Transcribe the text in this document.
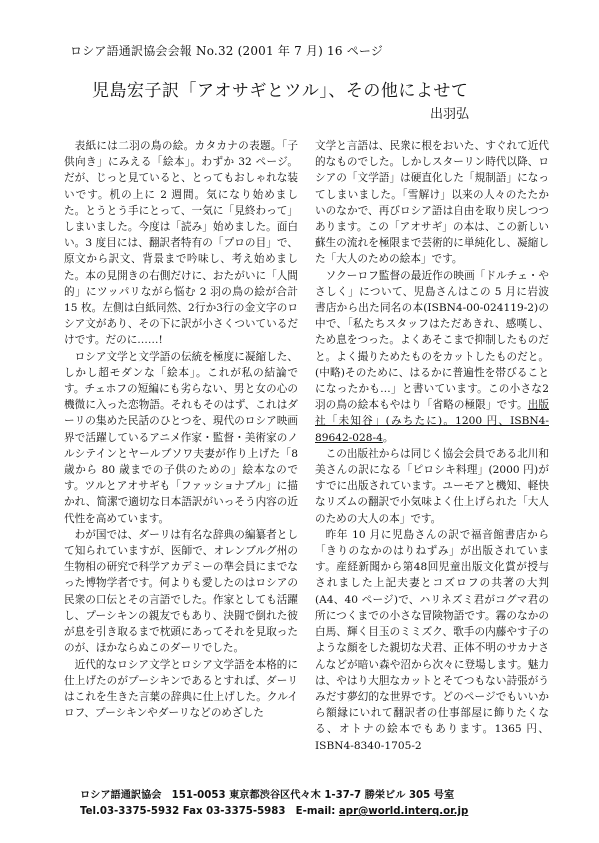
ロシア語通訳協会会報 No.32 (2001 年 7 月) 16 ページ
児島宏子訳「アオサギとツル」、その他によせて
出羽弘

表紙には二羽の鳥の絵。カタカナの表題。「子供向き」にみえる「絵本」。わずか 32 ページ。だが、じっと見ていると、とってもおしゃれな装いです。机の上に 2 週間。気になり始めました。とうとう手にとって、一気に「見終わって」しまいました。今度は「読み」始めました。面白い。3 度目には、翻訳者特有の「プロの目」で、原文から訳文、背景まで吟味し、考え始めました。本の見開きの右側だけに、おたがいに「人間的」にツッパリながら悩む 2 羽の鳥の絵が合計 15 枚。左側は白紙同然、2行か3行の金文字のロシア文があり、その下に訳が小さくついているだけです。だのに……!

ロシア文学と文学語の伝統を極度に凝縮した、しかし超モダンな「絵本」。これが私の結論です。チェホフの短編にも劣らない、男と女の心の機微に入った恋物語。それもそのはず、これはダーリの集めた民話のひとつを、現代のロシア映画界で活躍しているアニメ作家・監督・美術家のノルシテインとヤールブソワ夫妻が作り上げた「8 歳から 80 歳までの子供のための」絵本なのです。ツルとアオサギも「ファッショナブル」に描かれ、简潔で適切な日本語訳がいっそう内容の近代性を高めています。

わが国では、ダーリは有名な辞典の編纂者として知られていますが、医師で、オレンブルグ州の生物相の研究で科学アカデミーの準会員にまでなった博物学者です。何よりも愛したのはロシアの民衆の口伝とその言語でした。作家としても活躍し、プーシキンの親友でもあり、決闘で倒れた彼が息を引き取るまで枕頭にあってそれを見取ったのが、ほかならぬこのダーリでした。

近代的なロシア文学とロシア文学語を本格的に仕上げたのがプーシキンであるとすれば、ダーリはこれを生きた言葉の辞典に仕上げした。クルイロフ、プーシキンやダーリなどのめざした

文学と言語は、民衆に根をおいた、すぐれて近代的なものでした。しかしスターリン時代以降、ロシアの「文学語」は硬直化した「規制語」になってしまいました。「雪解け」以来の人々のたたかいのなかで、再びロシア語は自由を取り戻しつつあります。この「アオサギ」の本は、この新しい蘇生の流れを極限まで芸術的に単純化し、凝縮した「大人のための絵本」です。

ソクーロフ監督の最近作の映画「ドルチェ・やさしく」について、児島さんはこの 5 月に岩波書店から出た同名の本(ISBN4-00-024119-2)の中で、「私たちスタッフはただあきれ、感嘆し、ため息をつった。よくあそこまで抑制したものだと。よく撮りためたものをカットしたものだと。(中略)そのために、はるかに普遍性を帯びることになったかも…」と書いています。この小さな2羽の鳥の絵本もやはり「省略の極限」です。出版社「未知谷」(みちたに)。1200 円、ISBN4-89642-028-4。

この出版社からは同じく協会会員である北川和美さんの訳になる「ピロシキ料理」(2000 円)がすでに出版されています。ユーモアと機知、軽快なリズムの翻訳で小気味よく仕上げられた「大人のための大人の本」です。

昨年 10 月に児島さんの訳で福音館書店から「きりのなかのはりねずみ」が出版されています。産経新聞から第48回児童出版文化賞が授与されました上記夫妻とコズロフの共著の大判(A4、40 ページ)で、ハリネズミ君がコグマ君の所につくまでの小さな冒険物語です。霧のなかの白馬、輝く目玉のミミズク、歌手の内藤やす子のような顔をした親切な犬君、正体不明のサカナさんなどが暗い森や沼から次々に登場します。魅力は、やはり大胆なカットとそてつもない詩張がうみだす夢幻的な世界です。どのページでもいいから額縁にいれて翻訳者の仕事部屋に飾りたくなる、オトナの絵本でもあります。1365 円、ISBN4-8340-1705-2

ロシア語通訳協会　151-0053 東京都渋谷区代々木 1-37-7 勝栄ビル 305 号室
Tel.03-3375-5932 Fax 03-3375-5983　E-mail: apr@world.interq.or.jp
